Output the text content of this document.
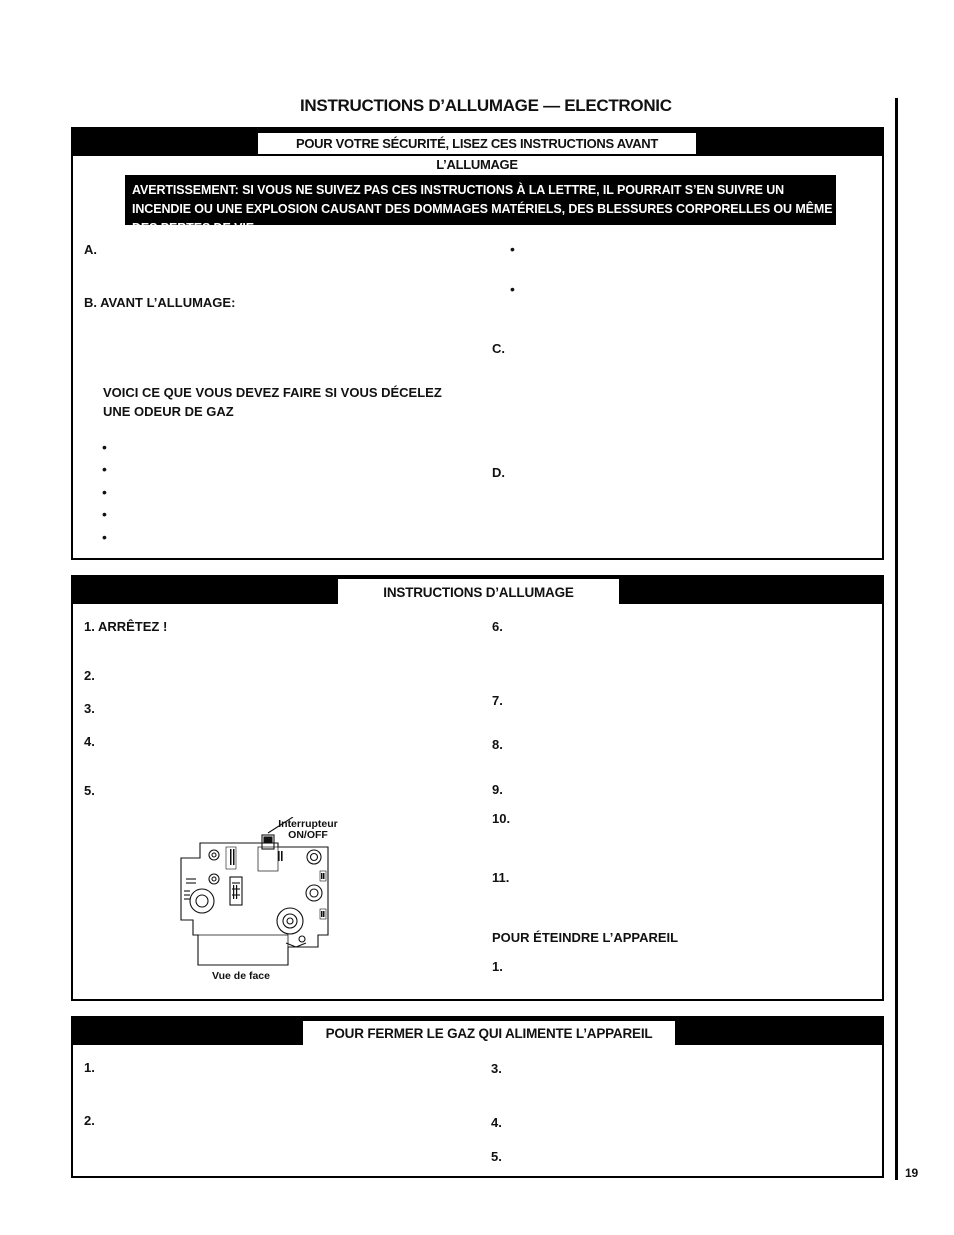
INSTRUCTIONS D’ALLUMAGE — ELECTRONIC
19
POUR VOTRE SÉCURITÉ, LISEZ CES INSTRUCTIONS AVANT L’ALLUMAGE
AVERTISSEMENT: SI VOUS NE SUIVEZ PAS CES INSTRUCTIONS À LA LETTRE, IL POURRAIT S’EN SUIVRE UN INCENDIE OU UNE EXPLOSION CAUSANT DES DOMMAGES MATÉRIELS, DES BLESSURES CORPORELLES OU MÊME DES PERTES DE VIE.
A.
B. AVANT L’ALLUMAGE:
VOICI CE QUE VOUS DEVEZ FAIRE SI VOUS DÉCELEZ UNE ODEUR DE GAZ
•
•
•
•
•
•
•
C.
D.
INSTRUCTIONS D’ALLUMAGE
1. ARRÊTEZ !
2.
3.
4.
5.
6.
7.
8.
9.
10.
11.
POUR ÉTEINDRE L’APPAREIL
1.
Interrupteur
ON/OFF
Vue de face
POUR FERMER LE GAZ QUI ALIMENTE L’APPAREIL
1.
2.
3.
4.
5.
